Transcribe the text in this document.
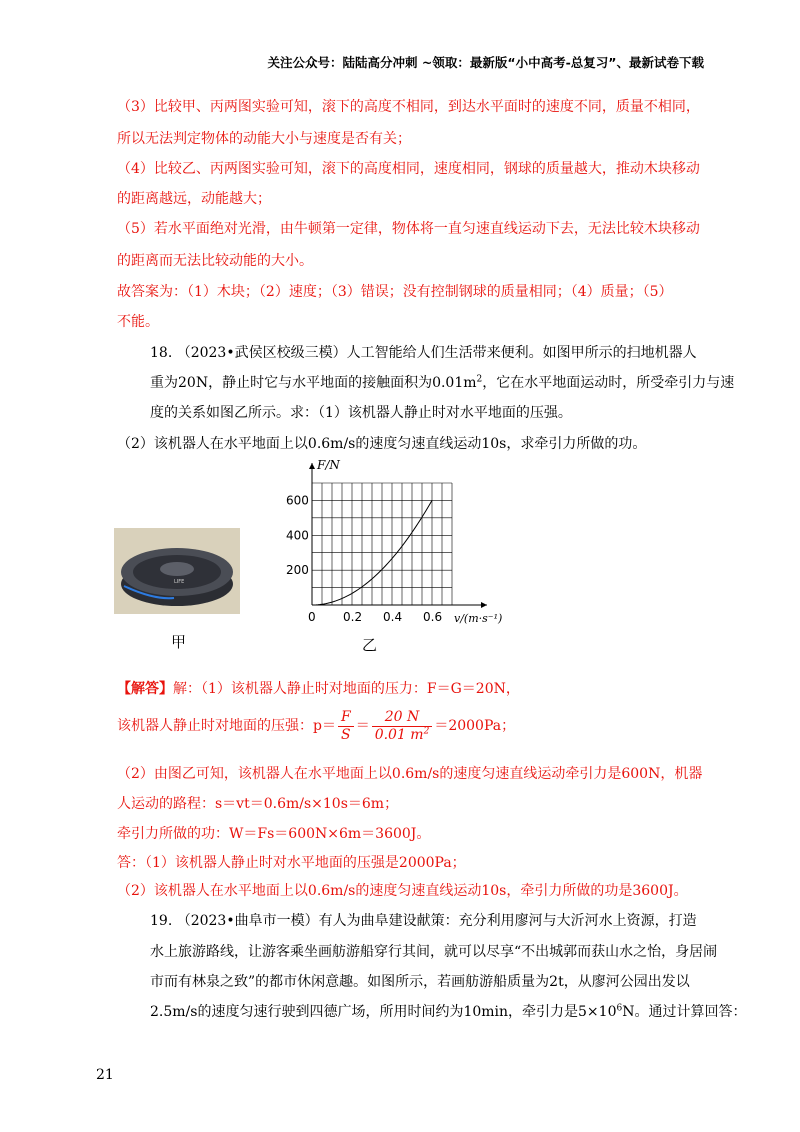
关注公众号：陆陆高分冲刺 ~领取：最新版“小中高考-总复习”、最新试卷下载
（3）比较甲、丙两图实验可知，滚下的高度不相同，到达水平面时的速度不同，质量不相同，
所以无法判定物体的动能大小与速度是否有关；
（4）比较乙、丙两图实验可知，滚下的高度相同，速度相同，钢球的质量越大，推动木块移动
的距离越远，动能越大；
（5）若水平面绝对光滑，由牛顿第一定律，物体将一直匀速直线运动下去，无法比较木块移动
的距离而无法比较动能的大小。
故答案为：（1）木块；（2）速度；（3）错误；没有控制钢球的质量相同；（4）质量；（5）
不能。
18. （2023•武侯区校级三模）人工智能给人们生活带来便利。如图甲所示的扫地机器人
重为20N，静止时它与水平地面的接触面积为$0.01m^2$，它在水平地面运动时，所受牵引力与速
度的关系如图乙所示。求：（1）该机器人静止时对水平地面的压强。
（2）该机器人在水平地面上以0.6m/s的速度匀速直线运动10s，求牵引力所做的功。
LIFE
甲
0 0.2 0.4 0.6
200
400
600
F/N
v/(m·s⁻¹)
乙
【解答】解：（1）该机器人静止时对地面的压力：F＝G＝20N，
该机器人静止时对地面的压强：$p= \frac{F}{S} = \frac{20 N}{0.01 m^2} =2000Pa$；
（2）由图乙可知，该机器人在水平地面上以0.6m/s的速度匀速直线运动牵引力是600N，机器
人运动的路程：s＝vt＝0.6m/s×10s＝6m；
牵引力所做的功：W＝Fs＝600N×6m＝3600J。
答：（1）该机器人静止时对水平地面的压强是2000Pa；
（2）该机器人在水平地面上以0.6m/s的速度匀速直线运动10s，牵引力所做的功是3600J。
19. （2023•曲阜市一模）有人为曲阜建设献策：充分利用廖河与大沂河水上资源，打造
水上旅游路线，让游客乘坐画舫游船穿行其间，就可以尽享“不出城郭而获山水之怡，身居闹
市而有林泉之致”的都市休闲意趣。如图所示，若画舫游船质量为2t，从廖河公园出发以
2.5m/s的速度匀速行驶到四德广场，所用时间约为10min，牵引力是$5\times 10^6N$。通过计算回答：
21
